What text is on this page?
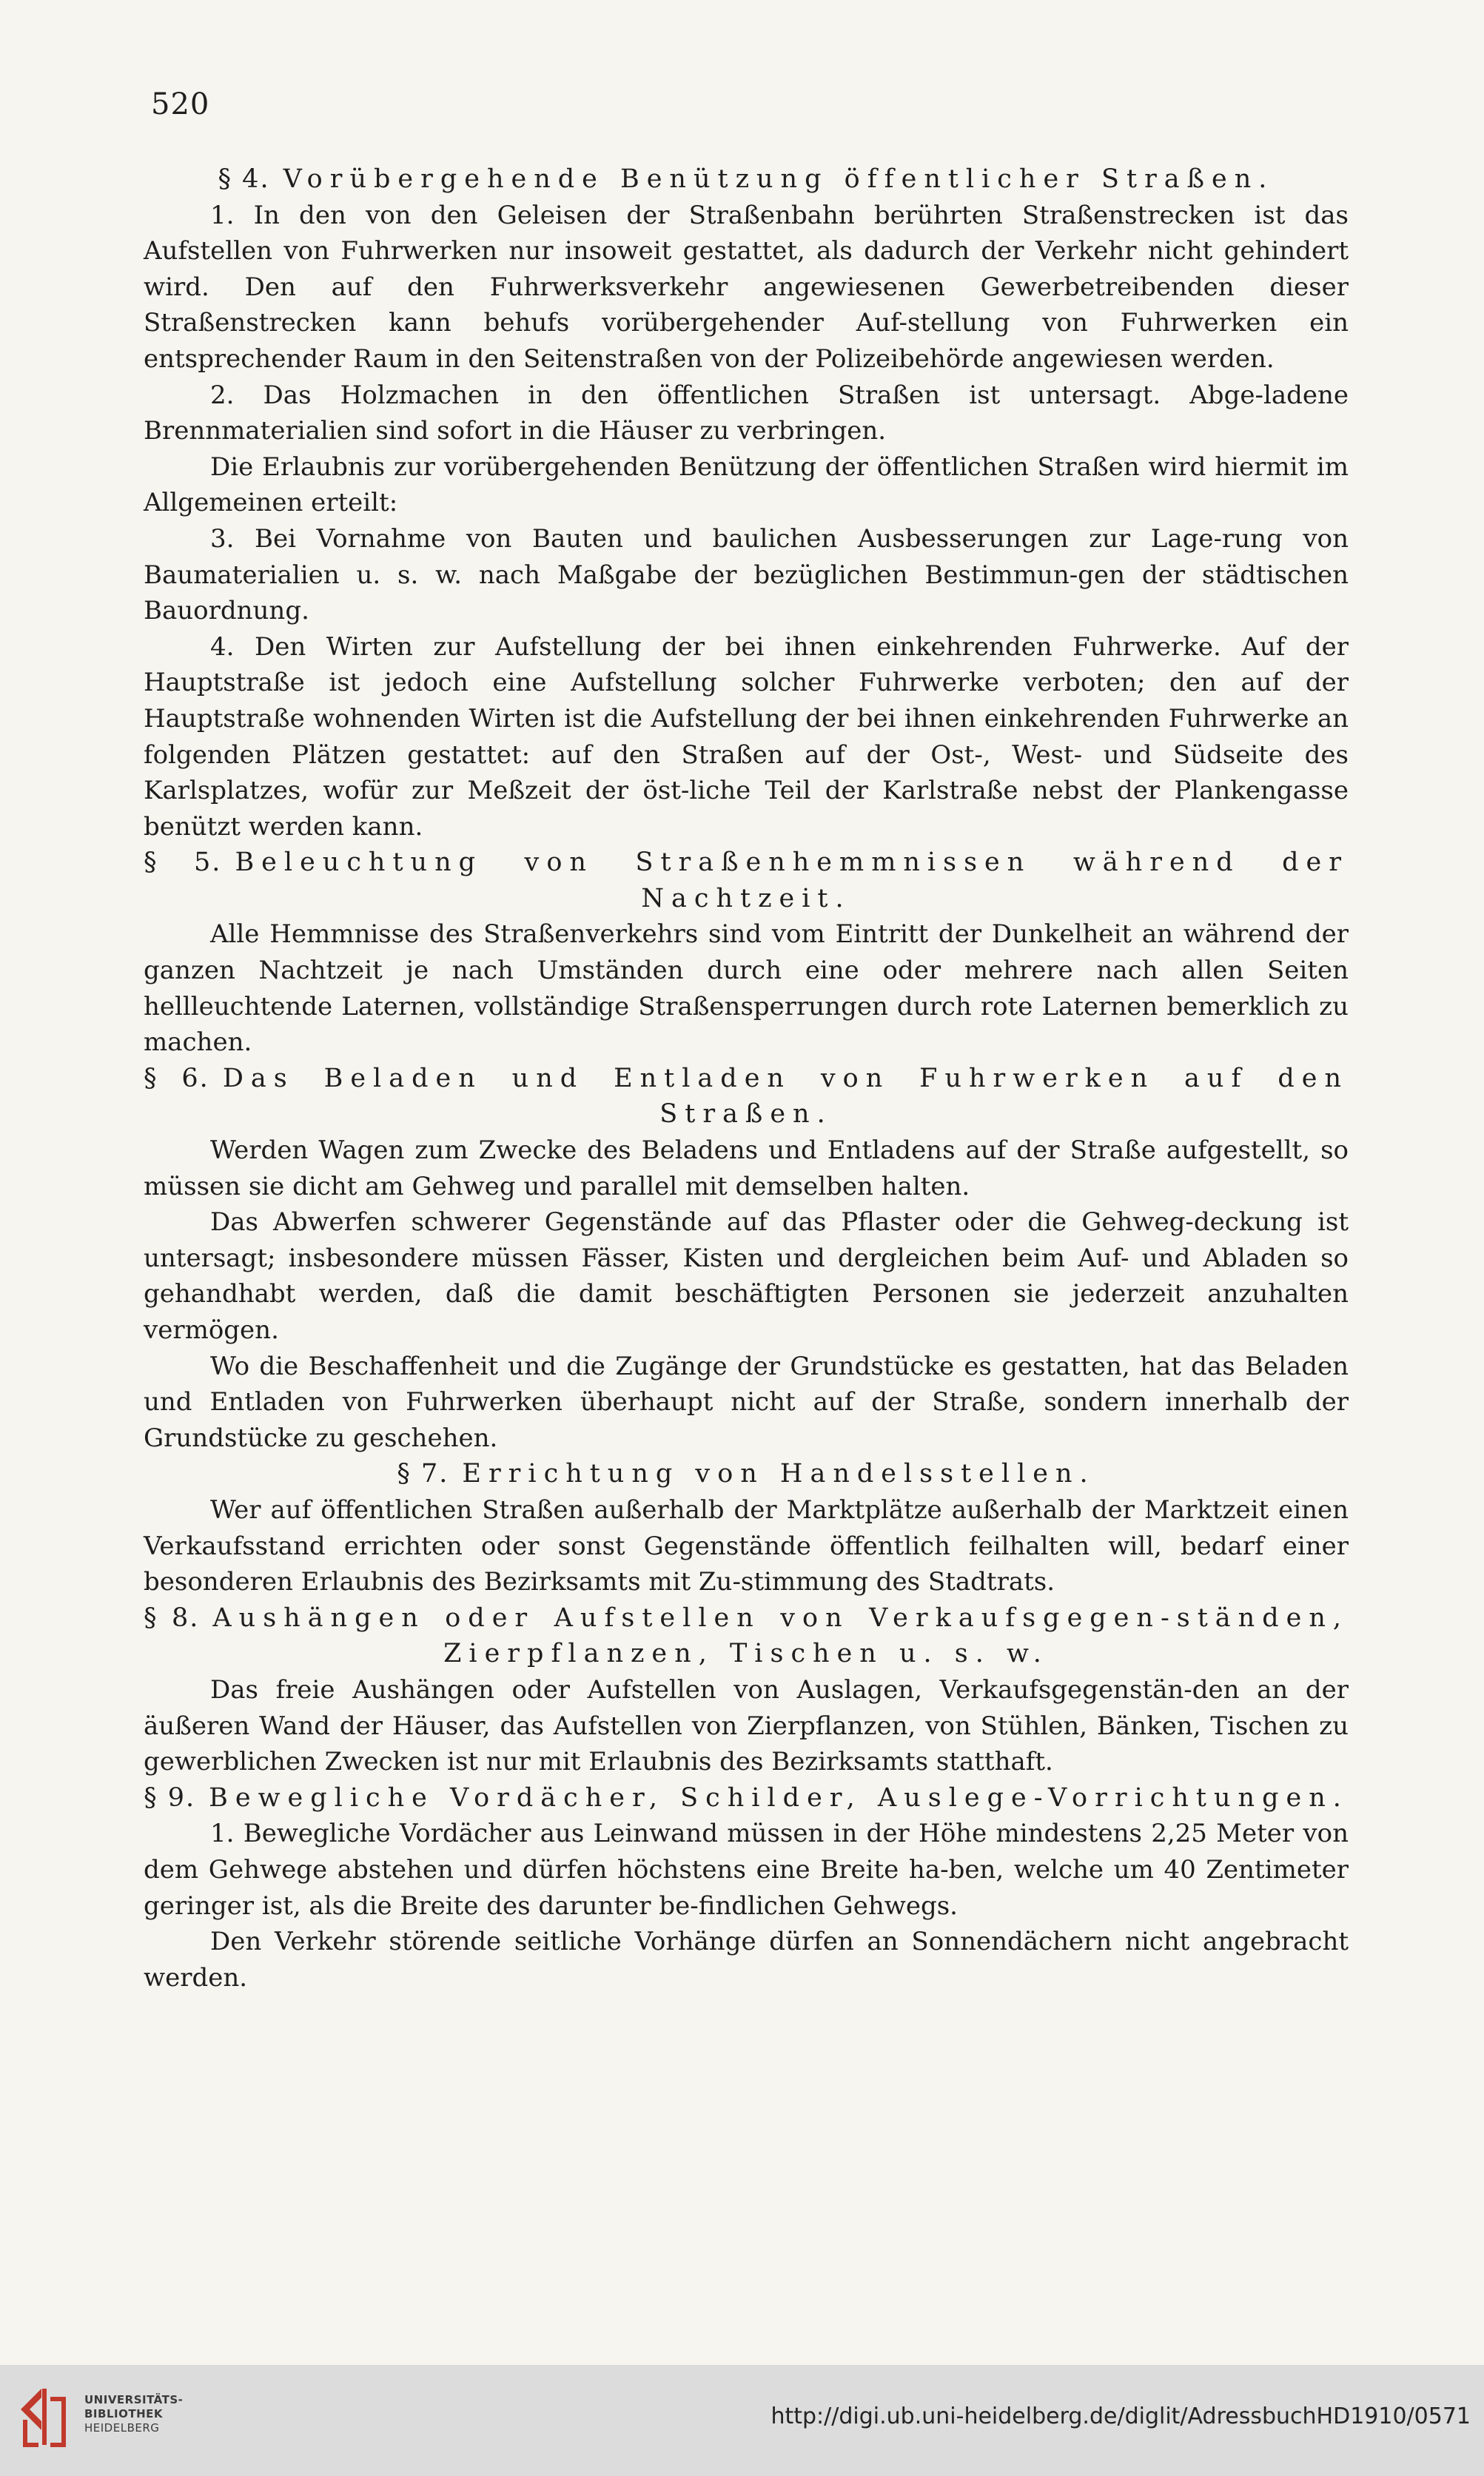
520
§ 4. Vorübergehende Benützung öffentlicher Straßen.

1. In den von den Geleisen der Straßenbahn berührten Straßenstrecken ist das Aufstellen von Fuhrwerken nur insoweit gestattet, als dadurch der Verkehr nicht gehindert wird. Den auf den Fuhrwerksverkehr angewiesenen Gewerbetreibenden dieser Straßenstrecken kann behufs vorübergehender Auf-stellung von Fuhrwerken ein entsprechender Raum in den Seitenstraßen von der Polizeibehörde angewiesen werden.

2. Das Holzmachen in den öffentlichen Straßen ist untersagt. Abge-ladene Brennmaterialien sind sofort in die Häuser zu verbringen.

Die Erlaubnis zur vorübergehenden Benützung der öffentlichen Straßen wird hiermit im Allgemeinen erteilt:

3. Bei Vornahme von Bauten und baulichen Ausbesserungen zur Lage-rung von Baumaterialien u. s. w. nach Maßgabe der bezüglichen Bestimmun-gen der städtischen Bauordnung.

4. Den Wirten zur Aufstellung der bei ihnen einkehrenden Fuhrwerke. Auf der Hauptstraße ist jedoch eine Aufstellung solcher Fuhrwerke verboten; den auf der Hauptstraße wohnenden Wirten ist die Aufstellung der bei ihnen einkehrenden Fuhrwerke an folgenden Plätzen gestattet: auf den Straßen auf der Ost-, West- und Südseite des Karlsplatzes, wofür zur Meßzeit der öst-liche Teil der Karlstraße nebst der Plankengasse benützt werden kann.

§ 5. Beleuchtung von Straßenhemmnissen während der Nachtzeit.

Alle Hemmnisse des Straßenverkehrs sind vom Eintritt der Dunkelheit an während der ganzen Nachtzeit je nach Umständen durch eine oder mehrere nach allen Seiten hellleuchtende Laternen, vollständige Straßensperrungen durch rote Laternen bemerklich zu machen.

§ 6. Das Beladen und Entladen von Fuhrwerken auf den Straßen.

Werden Wagen zum Zwecke des Beladens und Entladens auf der Straße aufgestellt, so müssen sie dicht am Gehweg und parallel mit demselben halten.

Das Abwerfen schwerer Gegenstände auf das Pflaster oder die Gehweg-deckung ist untersagt; insbesondere müssen Fässer, Kisten und dergleichen beim Auf- und Abladen so gehandhabt werden, daß die damit beschäftigten Personen sie jederzeit anzuhalten vermögen.

Wo die Beschaffenheit und die Zugänge der Grundstücke es gestatten, hat das Beladen und Entladen von Fuhrwerken überhaupt nicht auf der Straße, sondern innerhalb der Grundstücke zu geschehen.

§ 7. Errichtung von Handelsstellen.

Wer auf öffentlichen Straßen außerhalb der Marktplätze außerhalb der Marktzeit einen Verkaufsstand errichten oder sonst Gegenstände öffentlich feilhalten will, bedarf einer besonderen Erlaubnis des Bezirksamts mit Zu-stimmung des Stadtrats.

§ 8. Aushängen oder Aufstellen von Verkaufsgegen-ständen, Zierpflanzen, Tischen u. s. w.

Das freie Aushängen oder Aufstellen von Auslagen, Verkaufsgegenstän-den an der äußeren Wand der Häuser, das Aufstellen von Zierpflanzen, von Stühlen, Bänken, Tischen zu gewerblichen Zwecken ist nur mit Erlaubnis des Bezirksamts statthaft.

§ 9. Bewegliche Vordächer, Schilder, Auslege-Vorrichtungen.

1. Bewegliche Vordächer aus Leinwand müssen in der Höhe mindestens 2,25 Meter von dem Gehwege abstehen und dürfen höchstens eine Breite ha-ben, welche um 40 Zentimeter geringer ist, als die Breite des darunter be-findlichen Gehwegs.

Den Verkehr störende seitliche Vorhänge dürfen an Sonnendächern nicht angebracht werden.

UNIVERSITÄTS-
BIBLIOTHEK
HEIDELBERG	http://digi.ub.uni-heidelberg.de/diglit/AdressbuchHD1910/0571
